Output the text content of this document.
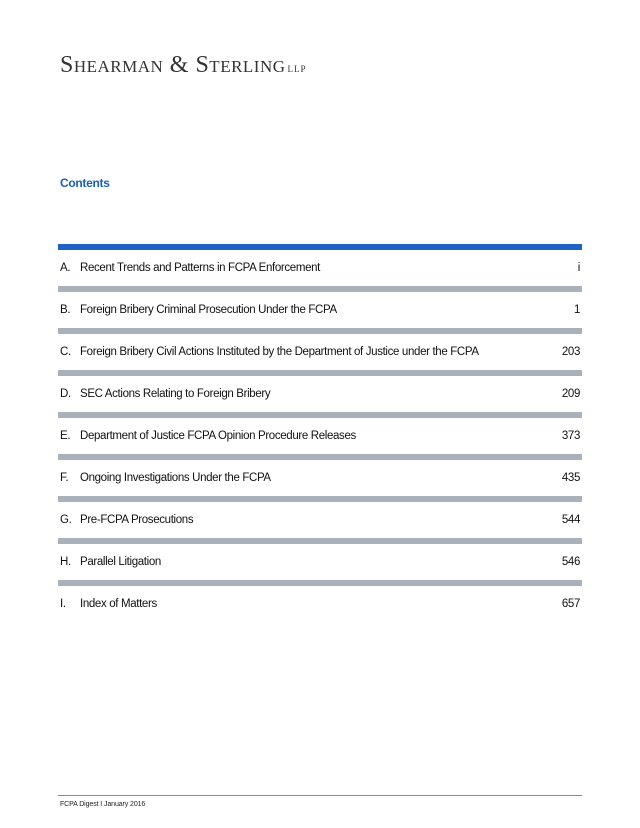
Shearman & Sterling LLP
Contents
A. Recent Trends and Patterns in FCPA Enforcement	i
B. Foreign Bribery Criminal Prosecution Under the FCPA	1
C. Foreign Bribery Civil Actions Instituted by the Department of Justice under the FCPA	203
D. SEC Actions Relating to Foreign Bribery	209
E. Department of Justice FCPA Opinion Procedure Releases	373
F.	Ongoing Investigations Under the FCPA	435
G. Pre-FCPA Prosecutions	544
H. Parallel Litigation	546
I.	Index of Matters	657
FCPA Digest I January 2016
